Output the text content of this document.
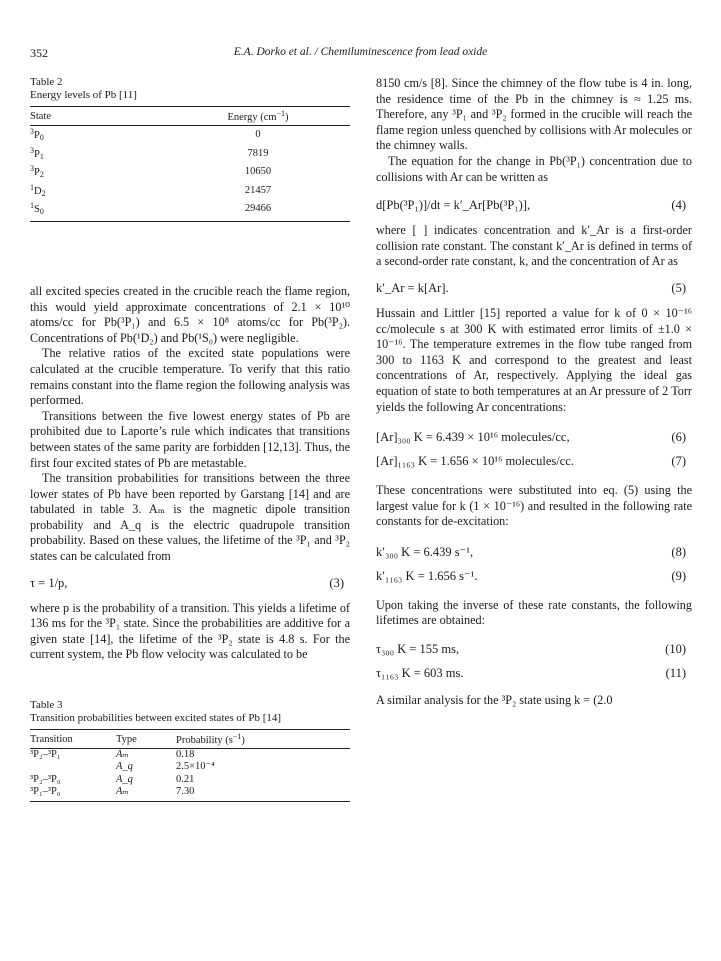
352	E.A. Dorko et al. / Chemiluminescence from lead oxide
Table 2
Energy levels of Pb [11]
State	Energy $(cm^{-1})$
$^3P_0$	0
$^3P_1$	7819
$^3P_2$	10650
$^1D_2$	21457
$^1S_0$	29466

all excited species created in the crucible reach the flame region, this would yield approximate concentrations of 2.1 × 10¹⁰ atoms/cc for Pb(³P₁) and 6.5 × 10⁸ atoms/cc for Pb(³P₂). Concentrations of Pb(¹D₂) and Pb(¹S₀) were negligible.

The relative ratios of the excited state populations were calculated at the crucible temperature. To verify that this ratio remains constant into the flame region the following analysis was performed.

Transitions between the five lowest energy states of Pb are prohibited due to Laporte’s rule which indicates that transitions between states of the same parity are forbidden [12,13]. Thus, the first four excited states of Pb are metastable.

The transition probabilities for transitions between the three lower states of Pb have been reported by Garstang [14] and are tabulated in table 3. Aₘ is the magnetic dipole transition probability and A_q is the electric quadrupole transition probability. Based on these values, the lifetime of the ³P₁ and ³P₂ states can be calculated from

τ = 1/p,	(3)

where p is the probability of a transition. This yields a lifetime of 136 ms for the ³P₁ state. Since the probabilities are additive for a given state [14], the lifetime of the ³P₂ state is 4.8 s. For the current system, the Pb flow velocity was calculated to be

Table 3
Transition probabilities between excited states of Pb [14]
Transition	Type	Probability $(s^{-1})$
³P₂–³P₁	Aₘ	0.18
	A_q	2.5×10⁻⁴
³P₂–³P₀	A_q	0.21
³P₁–³P₀	Aₘ	7.30

8150 cm/s [8]. Since the chimney of the flow tube is 4 in. long, the residence time of the Pb in the chimney is ≈ 1.25 ms. Therefore, any ³P₁ and ³P₂ formed in the crucible will reach the flame region unless quenched by collisions with Ar molecules or the chimney walls.

The equation for the change in Pb(³P₁) concentration due to collisions with Ar can be written as

d[Pb(³P₁)]/dt = k′_Ar[Pb(³P₁)],	(4)

where [ ] indicates concentration and k′_Ar is a first-order collision rate constant. The constant k′_Ar is defined in terms of a second-order rate constant, k, and the concentration of Ar as

k′_Ar = k[Ar].	(5)

Hussain and Littler [15] reported a value for k of 0 × 10⁻¹⁶ cc/molecule s at 300 K with estimated error limits of ±1.0 × 10⁻¹⁶. The temperature extremes in the flow tube ranged from 300 to 1163 K and correspond to the greatest and least concentrations of Ar, respectively. Applying the ideal gas equation of state to both temperatures at an Ar pressure of 2 Torr yields the following Ar concentrations:

[Ar]₃₀₀ K = 6.439 × 10¹⁶ molecules/cc,	(6)
[Ar]₁₁₆₃ K = 1.656 × 10¹⁶ molecules/cc.	(7)

These concentrations were substituted into eq. (5) using the largest value for k (1 × 10⁻¹⁶) and resulted in the following rate constants for de-excitation:

k′₃₀₀ K = 6.439 s⁻¹,	(8)
k′₁₁₆₃ K = 1.656 s⁻¹.	(9)

Upon taking the inverse of these rate constants, the following lifetimes are obtained:

τ₃₀₀ K = 155 ms,	(10)
τ₁₁₆₃ K = 603 ms.	(11)

A similar analysis for the ³P₂ state using k = (2.0
